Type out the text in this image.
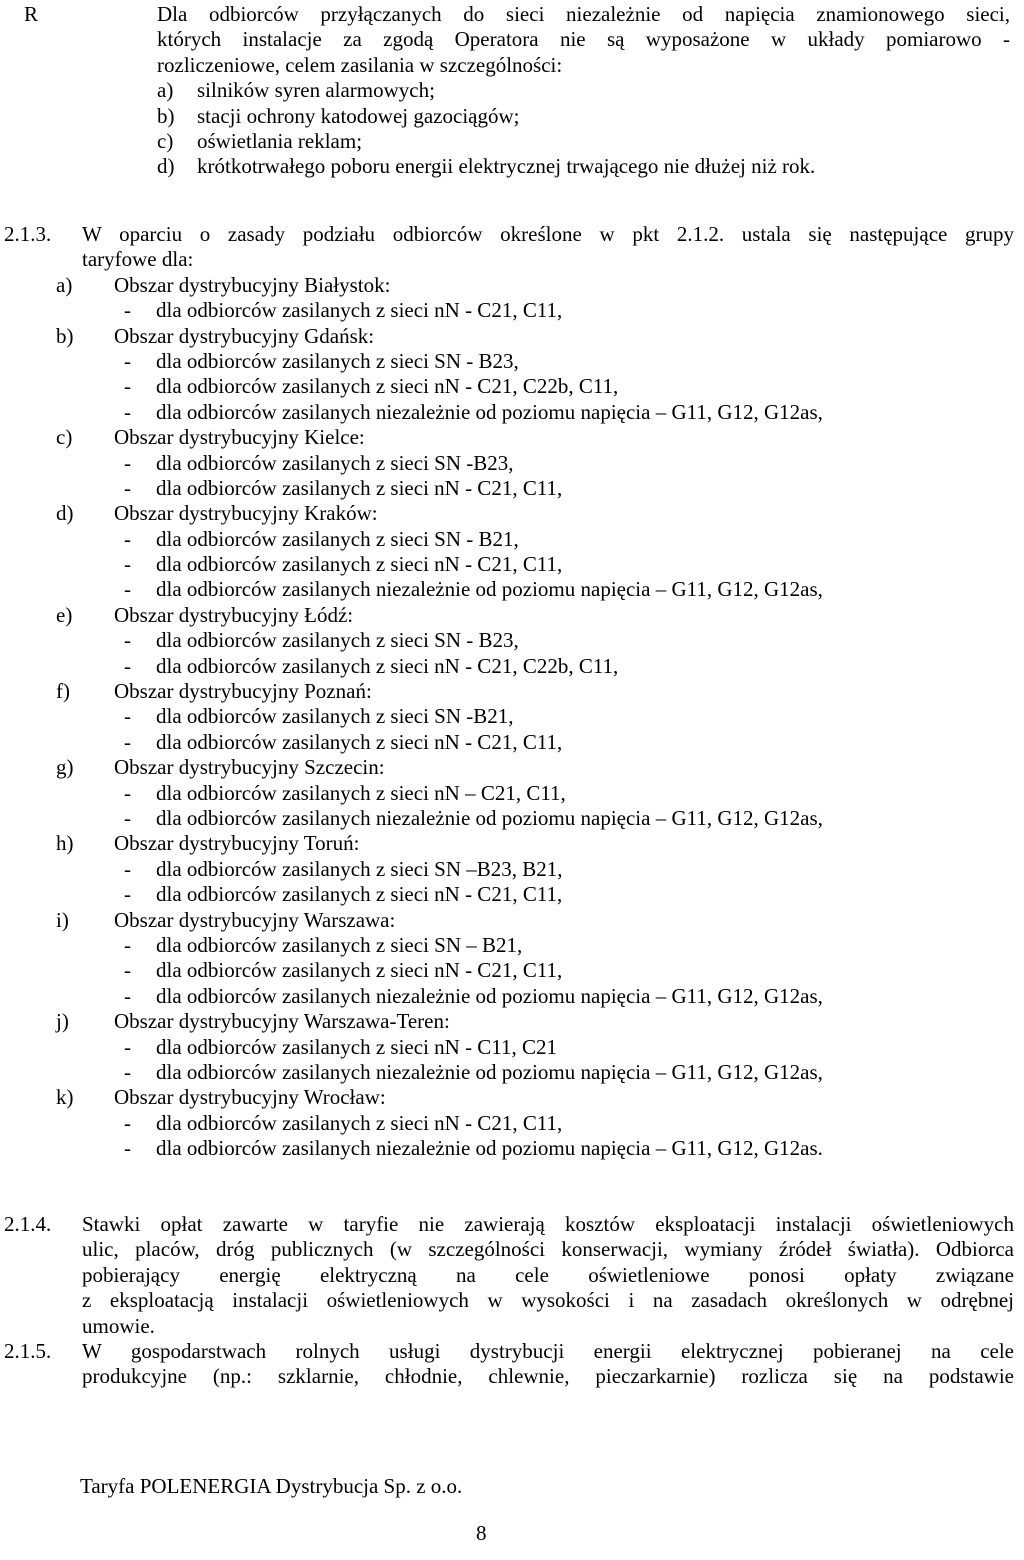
R	Dla odbiorców przyłączanych do sieci niezależnie od napięcia znamionowego sieci,
których instalacje za zgodą Operatora nie są wyposażone w układy pomiarowo -
rozliczeniowe, celem zasilania w szczególności:
a) silników syren alarmowych;
b) stacji ochrony katodowej gazociągów;
c) oświetlania reklam;
d) krótkotrwałego poboru energii elektrycznej trwającego nie dłużej niż rok.
2.1.3. W oparciu o zasady podziału odbiorców określone w pkt 2.1.2. ustala się następujące grupy
taryfowe dla:
a) Obszar dystrybucyjny Białystok:
- dla odbiorców zasilanych z sieci nN - C21, C11,
b) Obszar dystrybucyjny Gdańsk:
- dla odbiorców zasilanych z sieci SN - B23,
- dla odbiorców zasilanych z sieci nN - C21, C22b, C11,
- dla odbiorców zasilanych niezależnie od poziomu napięcia – G11, G12, G12as,
c) Obszar dystrybucyjny Kielce:
- dla odbiorców zasilanych z sieci SN -B23,
- dla odbiorców zasilanych z sieci nN - C21, C11,
d) Obszar dystrybucyjny Kraków:
- dla odbiorców zasilanych z sieci SN - B21,
- dla odbiorców zasilanych z sieci nN - C21, C11,
- dla odbiorców zasilanych niezależnie od poziomu napięcia – G11, G12, G12as,
e) Obszar dystrybucyjny Łódź:
- dla odbiorców zasilanych z sieci SN - B23,
- dla odbiorców zasilanych z sieci nN - C21, C22b, C11,
f) Obszar dystrybucyjny Poznań:
- dla odbiorców zasilanych z sieci SN -B21,
- dla odbiorców zasilanych z sieci nN - C21, C11,
g) Obszar dystrybucyjny Szczecin:
- dla odbiorców zasilanych z sieci nN – C21, C11,
- dla odbiorców zasilanych niezależnie od poziomu napięcia – G11, G12, G12as,
h) Obszar dystrybucyjny Toruń:
- dla odbiorców zasilanych z sieci SN –B23, B21,
- dla odbiorców zasilanych z sieci nN - C21, C11,
i) Obszar dystrybucyjny Warszawa:
- dla odbiorców zasilanych z sieci SN – B21,
- dla odbiorców zasilanych z sieci nN - C21, C11,
- dla odbiorców zasilanych niezależnie od poziomu napięcia – G11, G12, G12as,
j) Obszar dystrybucyjny Warszawa-Teren:
- dla odbiorców zasilanych z sieci nN - C11, C21
- dla odbiorców zasilanych niezależnie od poziomu napięcia – G11, G12, G12as,
k) Obszar dystrybucyjny Wrocław:
- dla odbiorców zasilanych z sieci nN - C21, C11,
- dla odbiorców zasilanych niezależnie od poziomu napięcia – G11, G12, G12as.
2.1.4. Stawki opłat zawarte w taryfie nie zawierają kosztów eksploatacji instalacji oświetleniowych
ulic, placów, dróg publicznych (w szczególności konserwacji, wymiany źródeł światła). Odbiorca
pobierający energię elektryczną na cele oświetleniowe ponosi opłaty związane
z eksploatacją instalacji oświetleniowych w wysokości i na zasadach określonych w odrębnej
umowie.
2.1.5. W gospodarstwach rolnych usługi dystrybucji energii elektrycznej pobieranej na cele
produkcyjne (np.: szklarnie, chłodnie, chlewnie, pieczarkarnie) rozlicza się na podstawie
Taryfa POLENERGIA Dystrybucja Sp. z o.o.
8
